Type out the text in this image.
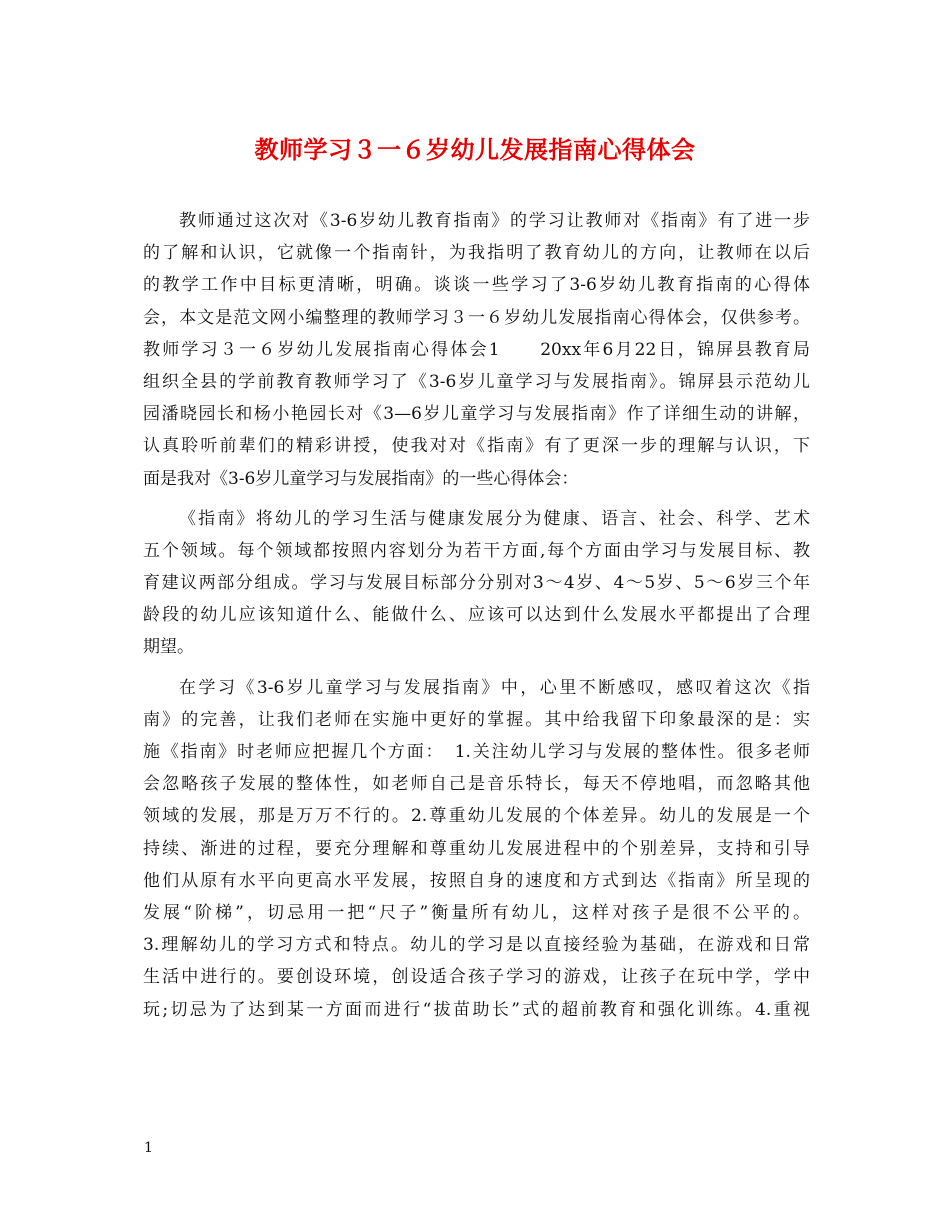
教师学习３一６岁幼儿发展指南心得体会
教师通过这次对《3-6岁幼儿教育指南》的学习让教师对《指南》有了进一步
的了解和认识，它就像一个指南针，为我指明了教育幼儿的方向，让教师在以后
的教学工作中目标更清晰，明确。谈谈一些学习了3-6岁幼儿教育指南的心得体
会，本文是范文网小编整理的教师学习３一６岁幼儿发展指南心得体会，仅供参考。
教师学习３一６岁幼儿发展指南心得体会1　　20xx年6月22日，锦屏县教育局
组织全县的学前教育教师学习了《3-6岁儿童学习与发展指南》。锦屏县示范幼儿
园潘晓园长和杨小艳园长对《3—6岁儿童学习与发展指南》作了详细生动的讲解，
认真聆听前辈们的精彩讲授，使我对对《指南》有了更深一步的理解与认识，下
面是我对《3-6岁儿童学习与发展指南》的一些心得体会：
《指南》将幼儿的学习生活与健康发展分为健康、语言、社会、科学、艺术
五个领域。每个领域都按照内容划分为若干方面,每个方面由学习与发展目标、教
育建议两部分组成。学习与发展目标部分分别对3～4岁、4～5岁、5～6岁三个年
龄段的幼儿应该知道什么、能做什么、应该可以达到什么发展水平都提出了合理
期望。
在学习《3-6岁儿童学习与发展指南》中，心里不断感叹，感叹着这次《指
南》的完善，让我们老师在实施中更好的掌握。其中给我留下印象最深的是：实
施《指南》时老师应把握几个方面：　1.关注幼儿学习与发展的整体性。很多老师
会忽略孩子发展的整体性，如老师自己是音乐特长，每天不停地唱，而忽略其他
领域的发展，那是万万不行的。2.尊重幼儿发展的个体差异。幼儿的发展是一个
持续、渐进的过程，要充分理解和尊重幼儿发展进程中的个别差异，支持和引导
他们从原有水平向更高水平发展，按照自身的速度和方式到达《指南》所呈现的
发展“阶梯”，切忌用一把“尺子”衡量所有幼儿，这样对孩子是很不公平的。
3.理解幼儿的学习方式和特点。幼儿的学习是以直接经验为基础，在游戏和日常
生活中进行的。要创设环境，创设适合孩子学习的游戏，让孩子在玩中学，学中
玩;切忌为了达到某一方面而进行“拔苗助长”式的超前教育和强化训练。4.重视
1
